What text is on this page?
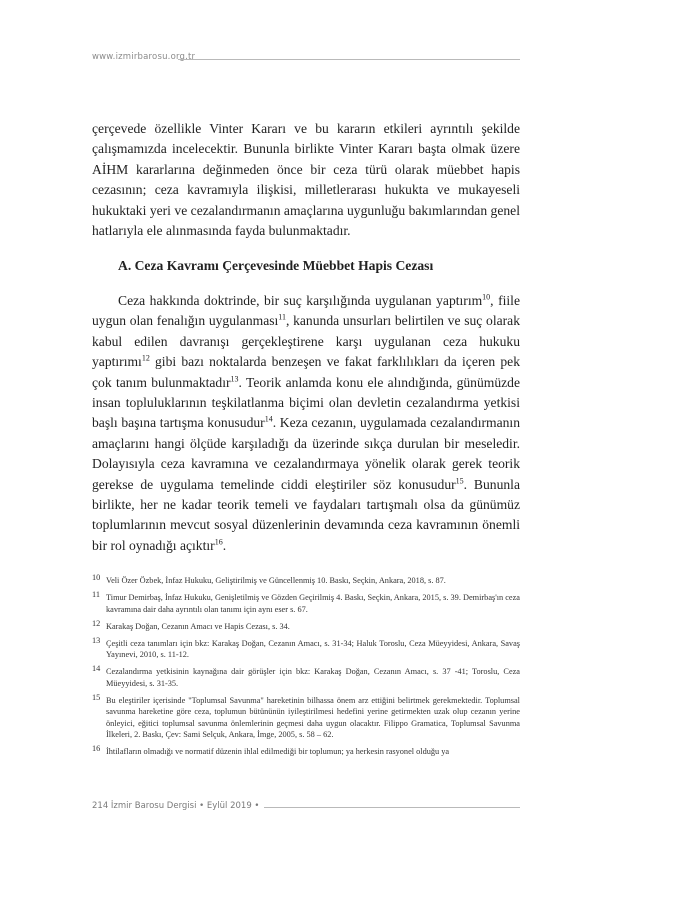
www.izmirbarosu.org.tr

çerçevede özellikle Vinter Kararı ve bu kararın etkileri ayrıntılı şekilde çalışmamızda incelecektir. Bununla birlikte Vinter Kararı başta olmak üzere AİHM kararlarına değinmeden önce bir ceza türü olarak müebbet hapis cezasının; ceza kavramıyla ilişkisi, milletlerarası hukukta ve mukayeseli hukuktaki yeri ve cezalandırmanın amaçlarına uygunluğu bakımlarından genel hatlarıyla ele alınmasında fayda bulunmaktadır.

A. Ceza Kavramı Çerçevesinde Müebbet Hapis Cezası

Ceza hakkında doktrinde, bir suç karşılığında uygulanan yaptırım$^{10}$, fiile uygun olan fenalığın uygulanması$^{11}$, kanunda unsurları belirtilen ve suç olarak kabul edilen davranışı gerçekleştirene karşı uygulanan ceza hukuku yaptırımı$^{12}$ gibi bazı noktalarda benzeşen ve fakat farklılıkları da içeren pek çok tanım bulunmaktadır$^{13}$. Teorik anlamda konu ele alındığında, günümüzde insan topluluklarının teşkilatlanma biçimi olan devletin cezalandırma yetkisi başlı başına tartışma konusudur$^{14}$. Keza cezanın, uygulamada cezalandırmanın amaçlarını hangi ölçüde karşıladığı da üzerinde sıkça durulan bir meseledir. Dolayısıyla ceza kavramına ve cezalandırmaya yönelik olarak gerek teorik gerekse de uygulama temelinde ciddi eleştiriler söz konusudur$^{15}$. Bununla birlikte, her ne kadar teorik temeli ve faydaları tartışmalı olsa da günümüz toplumlarının mevcut sosyal düzenlerinin devamında ceza kavramının önemli bir rol oynadığı açıktır$^{16}$.

10 Veli Özer Özbek, İnfaz Hukuku, Geliştirilmiş ve Güncellenmiş 10. Baskı, Seçkin, Ankara, 2018, s. 87.
11 Timur Demirbaş, İnfaz Hukuku, Genişletilmiş ve Gözden Geçirilmiş 4. Baskı, Seçkin, Ankara, 2015, s. 39. Demirbaş'ın ceza kavramına dair daha ayrıntılı olan tanımı için aynı eser s. 67.
12 Karakaş Doğan, Cezanın Amacı ve Hapis Cezası, s. 34.
13 Çeşitli ceza tanımları için bkz: Karakaş Doğan, Cezanın Amacı, s. 31-34; Haluk Toroslu, Ceza Müeyyidesi, Ankara, Savaş Yayınevi, 2010, s. 11-12.
14 Cezalandırma yetkisinin kaynağına dair görüşler için bkz: Karakaş Doğan, Cezanın Amacı, s. 37 -41; Toroslu, Ceza Müeyyidesi, s. 31-35.
15 Bu eleştiriler içerisinde "Toplumsal Savunma" hareketinin bilhassa önem arz ettiğini belirtmek gerekmektedir. Toplumsal savunma hareketine göre ceza, toplumun bütününün iyileştirilmesi hedefini yerine getirmekten uzak olup cezanın yerine önleyici, eğitici toplumsal savunma önlemlerinin geçmesi daha uygun olacaktır. Filippo Gramatica, Toplumsal Savunma İlkeleri, 2. Baskı, Çev: Sami Selçuk, Ankara, İmge, 2005, s. 58 – 62.
16 İhtilafların olmadığı ve normatif düzenin ihlal edilmediği bir toplumun; ya herkesin rasyonel olduğu ya
214 İzmir Barosu Dergisi • Eylül 2019 •
